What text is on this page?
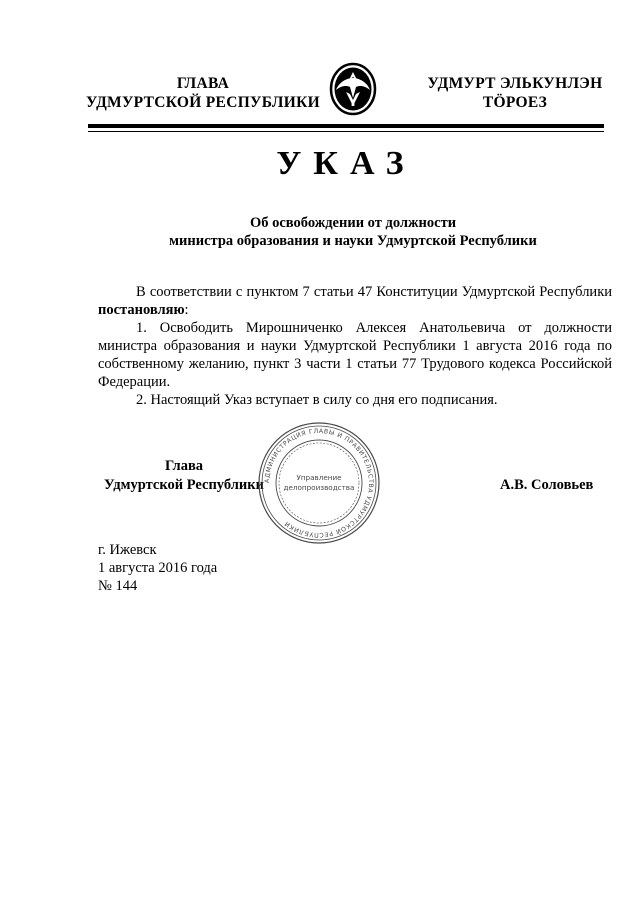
ГЛАВА
УДМУРТСКОЙ РЕСПУБЛИКИ
УДМУРТ ЭЛЬКУНЛЭН
ТӦРОЕЗ
УКАЗ
Об освобождении от должности
министра образования и науки Удмуртской Республики

В соответствии с пунктом 7 статьи 47 Конституции Удмуртской Республики постановляю:

1. Освободить Мирошниченко Алексея Анатольевича от должности министра образования и науки Удмуртской Республики 1 августа 2016 года по собственному желанию, пункт 3 части 1 статьи 77 Трудового кодекса Российской Федерации.

2. Настоящий Указ вступает в силу со дня его подписания.

Глава
Удмуртской Республики АДМИНИСТРАЦИЯ ГЛАВЫ И ПРАВИТЕЛЬСТВА УДМУРТСКОЙ РЕСПУБЛИКИ
Управление
делопроизводства	А.В. Соловьев
г. Ижевск
1 августа 2016 года
№ 144
